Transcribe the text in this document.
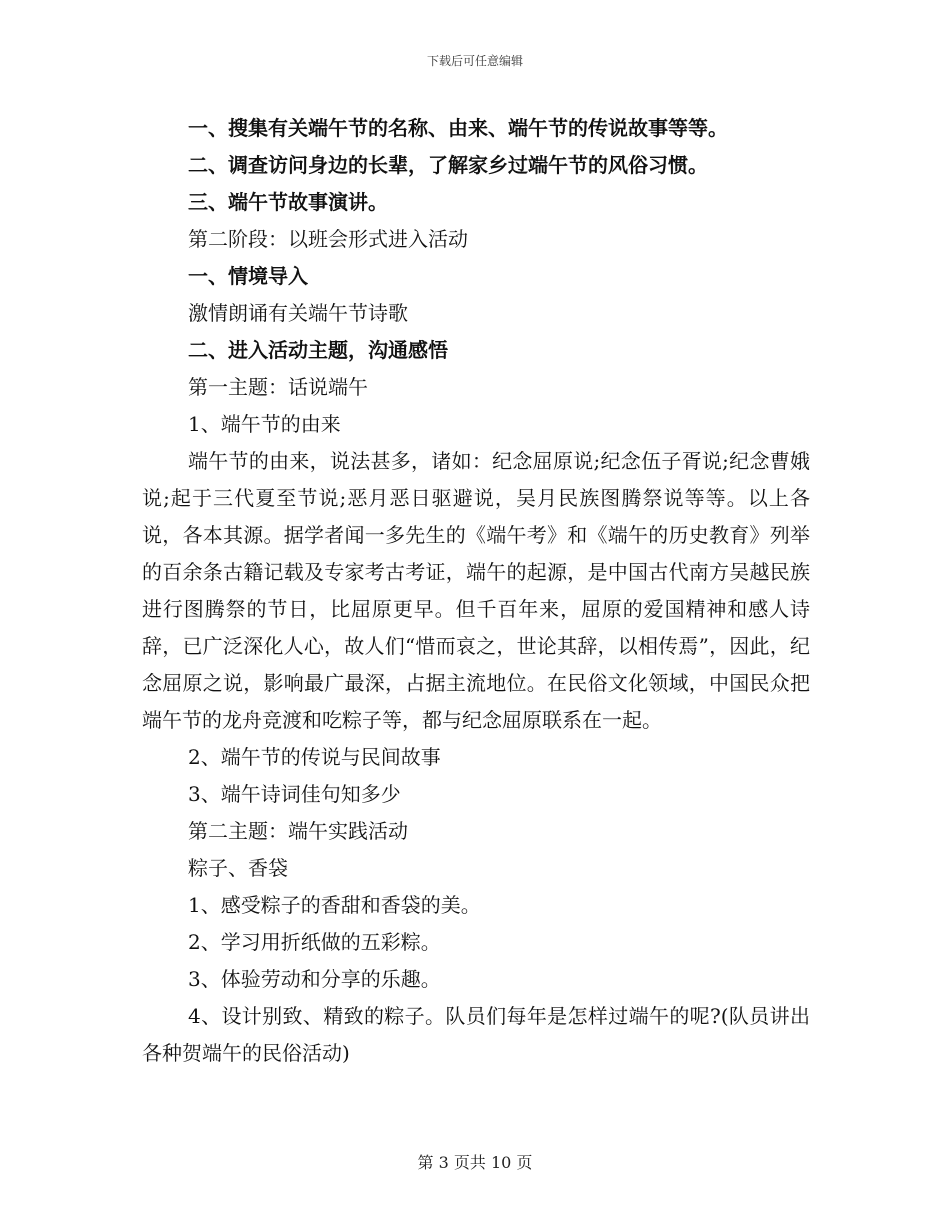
下载后可任意编辑
一、搜集有关端午节的名称、由来、端午节的传说故事等等。
二、调查访问身边的长辈，了解家乡过端午节的风俗习惯。
三、端午节故事演讲。
第二阶段：以班会形式进入活动
一、情境导入
激情朗诵有关端午节诗歌
二、进入活动主题，沟通感悟
第一主题：话说端午
1、端午节的由来

端午节的由来，说法甚多，诸如：纪念屈原说;纪念伍子胥说;纪念曹娥说;起于三代夏至节说;恶月恶日驱避说，吴月民族图腾祭说等等。以上各说，各本其源。据学者闻一多先生的《端午考》和《端午的历史教育》列举的百余条古籍记载及专家考古考证，端午的起源，是中国古代南方吴越民族进行图腾祭的节日，比屈原更早。但千百年来，屈原的爱国精神和感人诗辞，已广泛深化人心，故人们“惜而哀之，世论其辞，以相传焉”，因此，纪念屈原之说，影响最广最深，占据主流地位。在民俗文化领域，中国民众把端午节的龙舟竞渡和吃粽子等，都与纪念屈原联系在一起。

2、端午节的传说与民间故事
3、端午诗词佳句知多少
第二主题：端午实践活动
粽子、香袋
1、感受粽子的香甜和香袋的美。
2、学习用折纸做的五彩粽。
3、体验劳动和分享的乐趣。

4、设计别致、精致的粽子。队员们每年是怎样过端午的呢?(队员讲出各种贺端午的民俗活动)

第 3 页共 10 页
